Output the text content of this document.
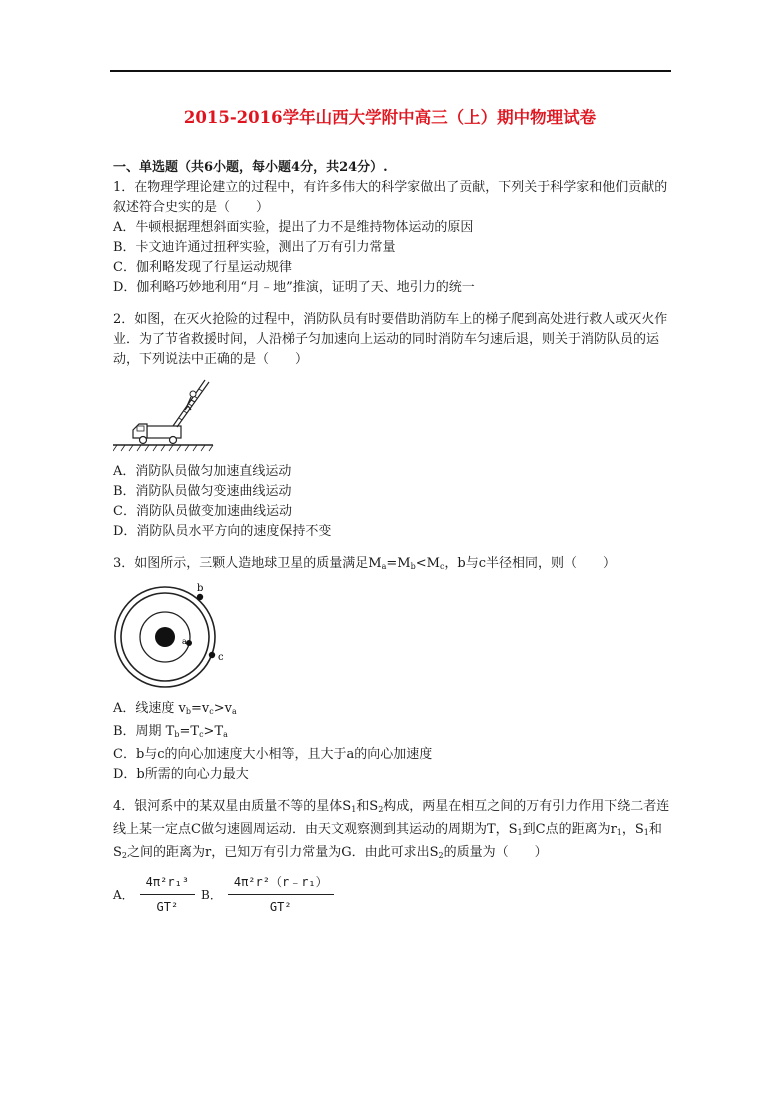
2015-2016学年山西大学附中高三（上）期中物理试卷

一、单选题（共6小题，每小题4分，共24分）.

1．在物理学理论建立的过程中，有许多伟大的科学家做出了贡献，下列关于科学家和他们贡献的叙述符合史实的是（　　）

A．牛顿根据理想斜面实验，提出了力不是维持物体运动的原因

B．卡文迪许通过扭秤实验，测出了万有引力常量

C．伽利略发现了行星运动规律

D．伽利略巧妙地利用“月﹣地”推演，证明了天、地引力的统一

2．如图，在灭火抢险的过程中，消防队员有时要借助消防车上的梯子爬到高处进行救人或灭火作业．为了节省救援时间，人沿梯子匀加速向上运动的同时消防车匀速后退，则关于消防队员的运动，下列说法中正确的是（　　）

A．消防队员做匀加速直线运动

B．消防队员做匀变速曲线运动

C．消防队员做变加速曲线运动

D．消防队员水平方向的速度保持不变

3．如图所示，三颗人造地球卫星的质量满足$M_a=M_b<M_c$，b与c半径相同，则（　　）

a
b
c

A．线速度 $v_b=v_c>v_a$

B．周期 $T_b=T_c>T_a$

C．b与c的向心加速度大小相等，且大于a的向心加速度

D．b所需的向心力最大

4．银河系中的某双星由质量不等的星体$S_1$和$S_2$构成，两星在相互之间的万有引力作用下绕二者连线上某一定点C做匀速圆周运动．由天文观察测到其运动的周期为T，$S_1$到C点的距离为$r_1$，$S_1$和$S_2$之间的距离为r，已知万有引力常量为G．由此可求出$S_2$的质量为（　　）

A． $\frac{\text{4π²r₁³}}{\text{GT²}}$ B． $\frac{\text{4π²r²（r﹣r₁）}}{\text{GT²}}$
